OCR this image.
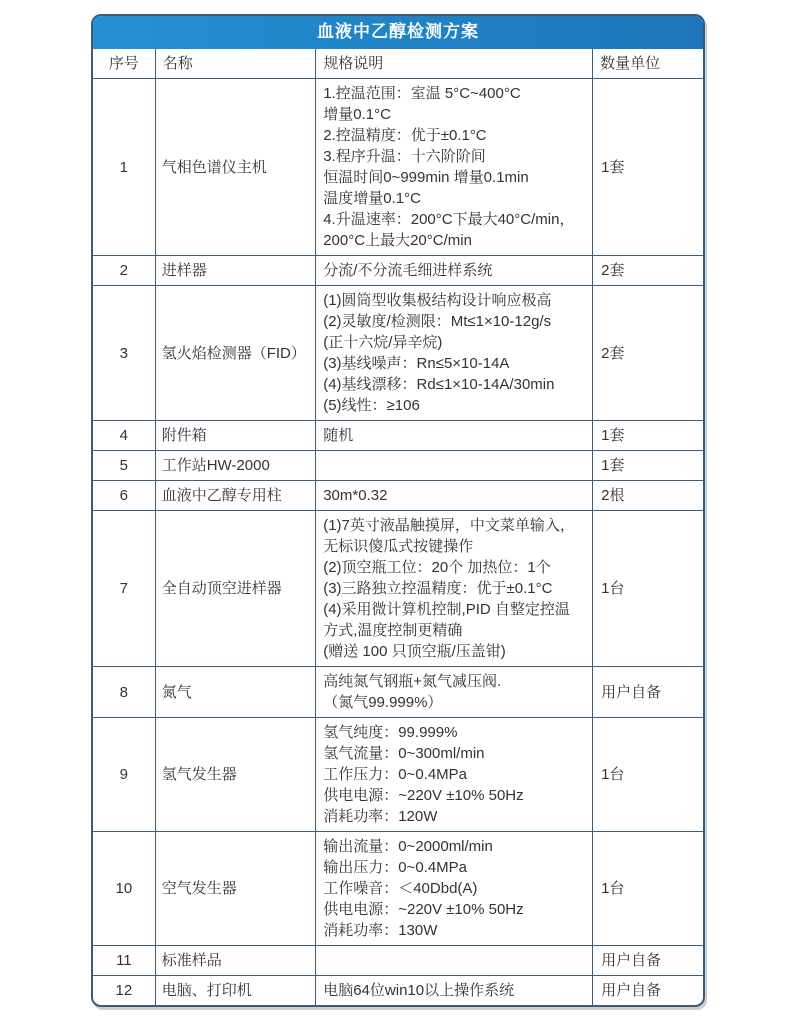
血液中乙醇检测方案
序号	名称	规格说明	数量单位
1	气相色谱仪主机	1.控温范围：室温 5°C~400°C
增量0.1°C
2.控温精度：优于±0.1°C
3.程序升温：十六阶阶间
恒温时间0~999min 增量0.1min
温度增量0.1°C
4.升温速率：200°C下最大40°C/min，
200°C上最大20°C/min	1套
2	进样器	分流/不分流毛细进样系统	2套
3	氢火焰检测器（FID）	(1)圆筒型收集极结构设计响应极高
(2)灵敏度/检测限：Mt≤1×10-12g/s
(正十六烷/异辛烷)
(3)基线噪声：Rn≤5×10-14A
(4)基线漂移：Rd≤1×10-14A/30min
(5)线性：≥106	2套
4	附件箱	随机	1套
5	工作站HW-2000		1套
6	血液中乙醇专用柱	30m*0.32	2根
7	全自动顶空进样器	(1)7英寸液晶触摸屏，中文菜单输入，
无标识傻瓜式按键操作
(2)顶空瓶工位：20个 加热位：1个
(3)三路独立控温精度：优于±0.1°C
(4)采用微计算机控制,PID 自整定控温
方式,温度控制更精确
(赠送 100 只顶空瓶/压盖钳)	1台
8	氮气	高纯氮气钢瓶+氮气减压阀.
（氮气99.999%）	用户自备
9	氢气发生器	氢气纯度：99.999%
氢气流量：0~300ml/min
工作压力：0~0.4MPa
供电电源：~220V ±10% 50Hz
消耗功率：120W	1台
10	空气发生器	输出流量：0~2000ml/min
输出压力：0~0.4MPa
工作噪音：＜40Dbd(A)
供电电源：~220V ±10% 50Hz
消耗功率：130W	1台
11	标准样品		用户自备
12	电脑、打印机	电脑64位win10以上操作系统	用户自备
